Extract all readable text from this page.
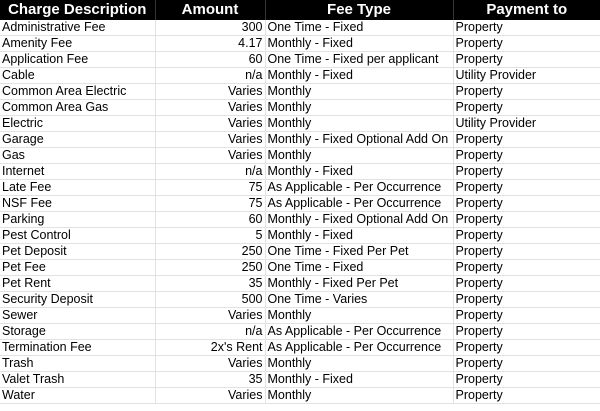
Charge Description	Amount	Fee Type	Payment to
Administrative Fee	300	One Time - Fixed	Property
Amenity Fee	4.17	Monthly - Fixed	Property
Application Fee	60	One Time - Fixed per applicant	Property
Cable	n/a	Monthly - Fixed	Utility Provider
Common Area Electric	Varies	Monthly	Property
Common Area Gas	Varies	Monthly	Property
Electric	Varies	Monthly	Utility Provider
Garage	Varies	Monthly - Fixed Optional Add On	Property
Gas	Varies	Monthly	Property
Internet	n/a	Monthly - Fixed	Property
Late Fee	75	As Applicable - Per Occurrence	Property
NSF Fee	75	As Applicable - Per Occurrence	Property
Parking	60	Monthly - Fixed Optional Add On	Property
Pest Control	5	Monthly - Fixed	Property
Pet Deposit	250	One Time - Fixed Per Pet	Property
Pet Fee	250	One Time - Fixed	Property
Pet Rent	35	Monthly - Fixed Per Pet	Property
Security Deposit	500	One Time - Varies	Property
Sewer	Varies	Monthly	Property
Storage	n/a	As Applicable - Per Occurrence	Property
Termination Fee	2x's Rent	As Applicable - Per Occurrence	Property
Trash	Varies	Monthly	Property
Valet Trash	35	Monthly - Fixed	Property
Water	Varies	Monthly	Property
